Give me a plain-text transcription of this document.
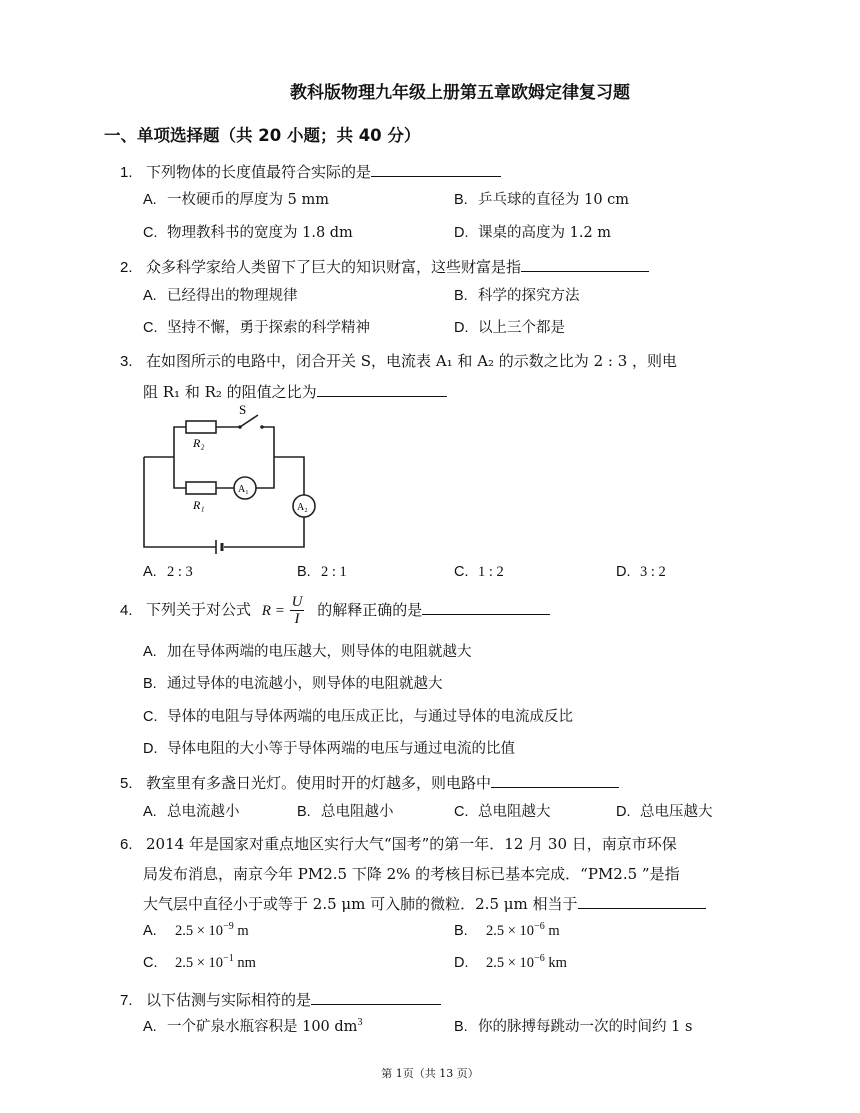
教科版物理九年级上册第五章欧姆定律复习题
一、单项选择题（共 20 小题；共 40 分）
1. 下列物体的长度值最符合实际的是
A. 一枚硬币的厚度为 5 mm	B. 乒乓球的直径为 10 cm
C. 物理教科书的宽度为 1.8 dm	D. 课桌的高度为 1.2 m
2. 众多科学家给人类留下了巨大的知识财富，这些财富是指
A. 已经得出的物理规律	B. 科学的探究方法
C. 坚持不懈，勇于探索的科学精神	D. 以上三个都是
3. 在如图所示的电路中，闭合开关 S，电流表 A₁ 和 A₂ 的示数之比为 2 : 3 ，则电
阻 R₁ 和 R₂ 的阻值之比为
S
R₂
R₁
A₁
A₂
A. 2 : 3	B. 2 : 1	C. 1 : 2	D. 3 : 2
4. 下列关于对公式 $R = \frac{U}{I}$ 的解释正确的是
A. 加在导体两端的电压越大，则导体的电阻就越大
B. 通过导体的电流越小，则导体的电阻就越大
C. 导体的电阻与导体两端的电压成正比，与通过导体的电流成反比
D. 导体电阻的大小等于导体两端的电压与通过电流的比值
5. 教室里有多盏日光灯。使用时开的灯越多，则电路中
A. 总电流越小	B. 总电阻越小	C. 总电阻越大	D. 总电压越大
6. 2014 年是国家对重点地区实行大气“国考”的第一年．12 月 30 日，南京市环保
局发布消息，南京今年 PM2.5 下降 2% 的考核目标已基本完成．“PM2.5 ”是指
大气层中直径小于或等于 2.5 μm 可入肺的微粒．2.5 μm 相当于
A. $2.5 \times 10^{-9}$ m	B. $2.5 \times 10^{-6}$ m
C. $2.5 \times 10^{-1}$ nm	D. $2.5 \times 10^{-6}$ km
7. 以下估测与实际相符的是
A. 一个矿泉水瓶容积是 100 $dm^3$	B. 你的脉搏每跳动一次的时间约 1 s
第 1页（共 13 页）
